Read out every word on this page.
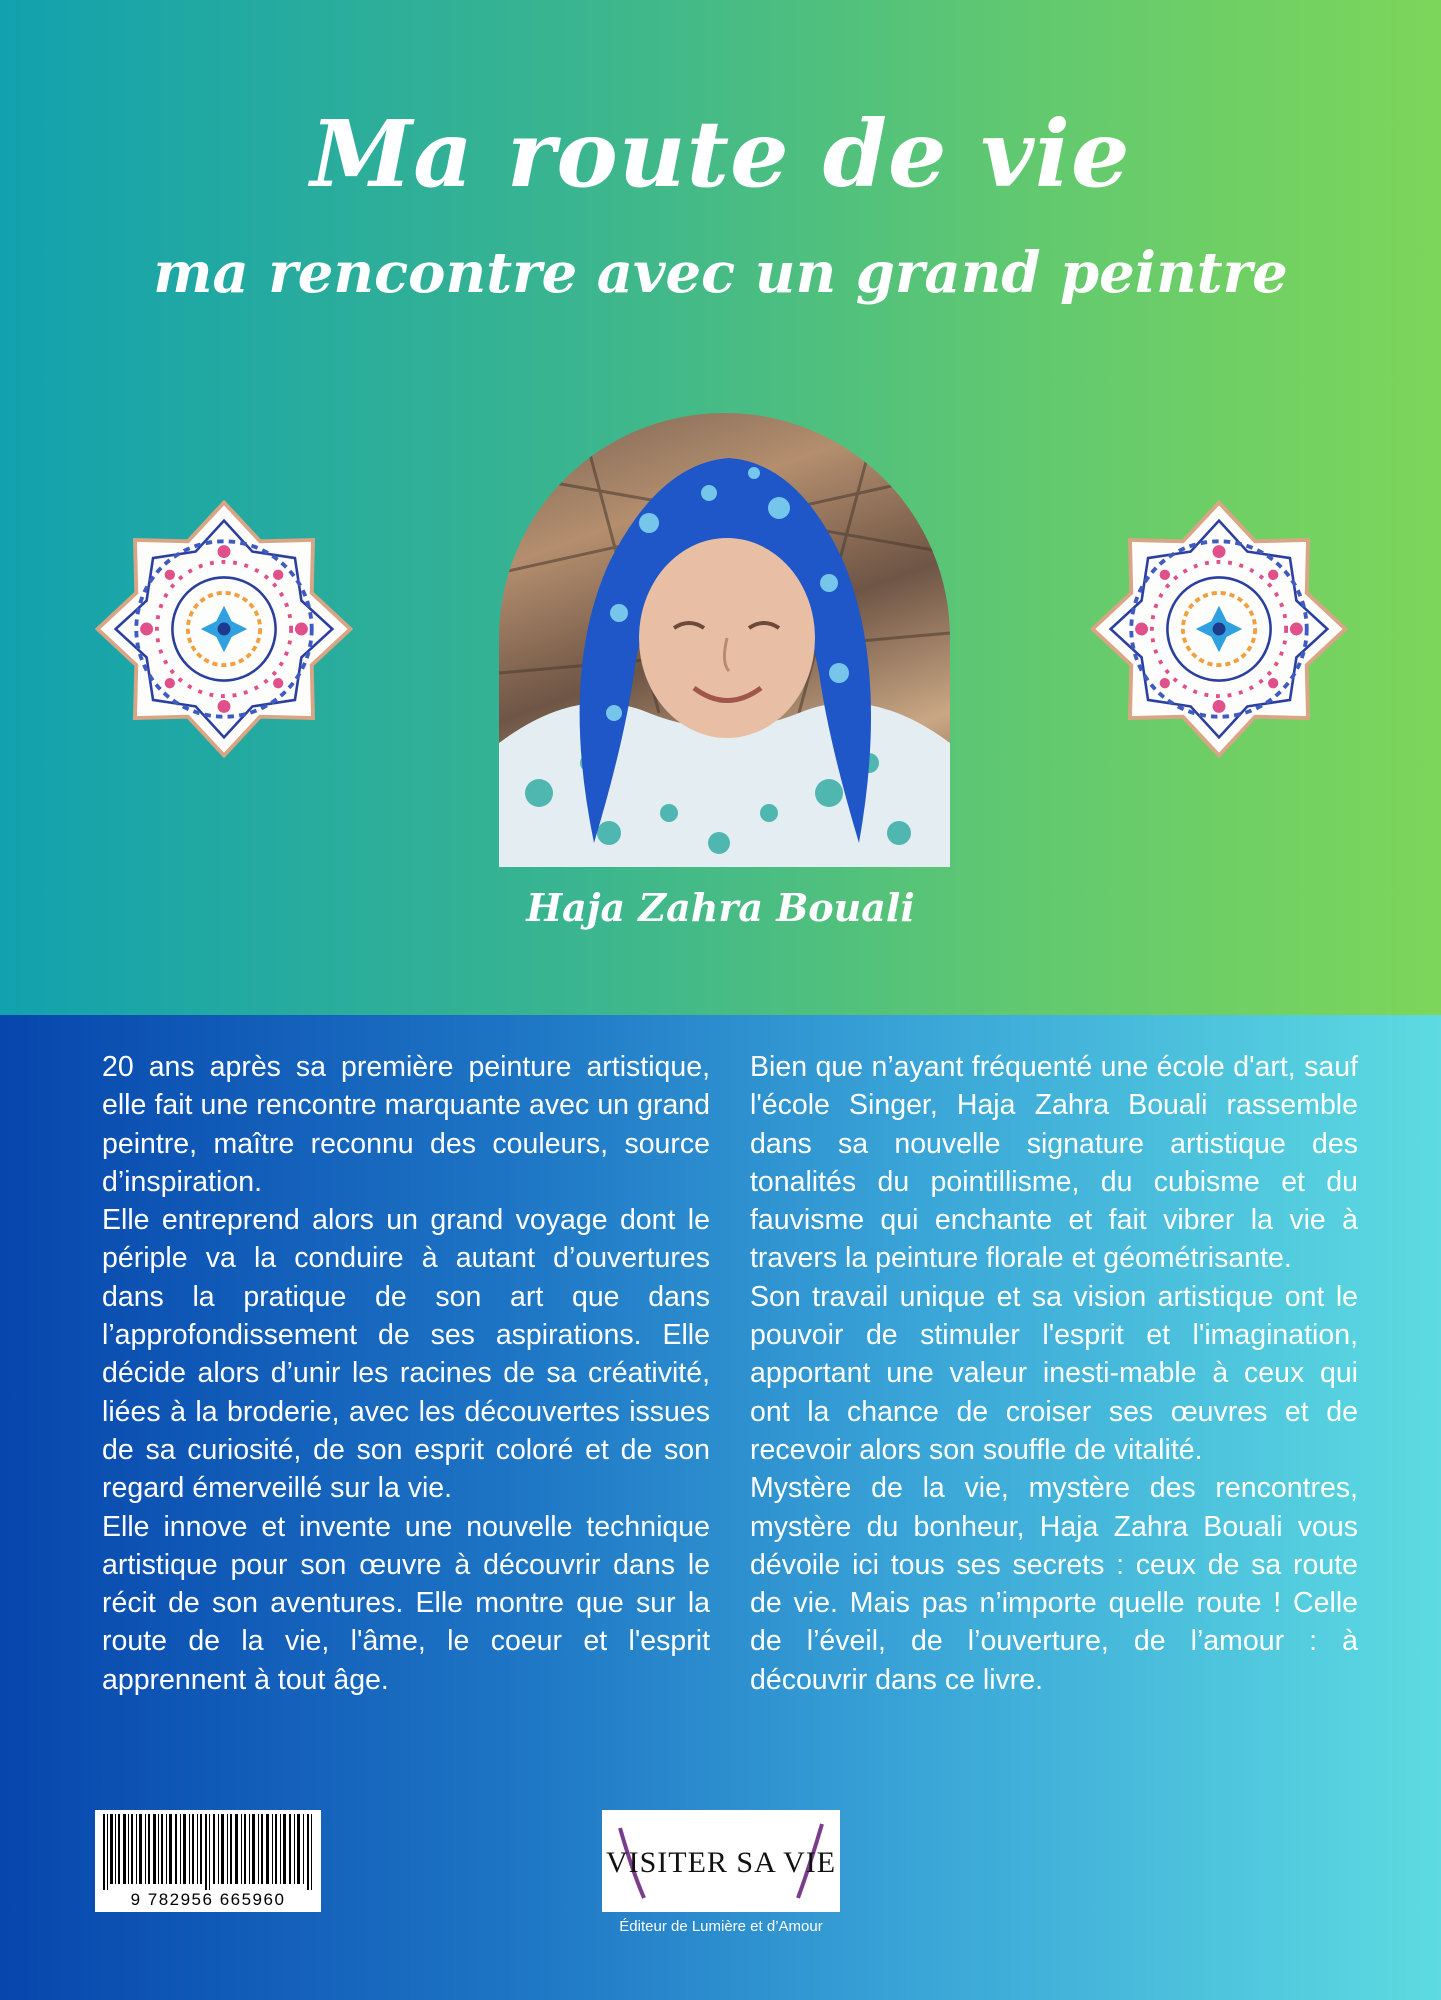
Ma route de vie
ma rencontre avec un grand peintre
Haja Zahra Bouali

20 ans après sa première peinture artistique, elle fait une rencontre marquante avec un grand peintre, maître reconnu des couleurs, source d’inspiration.

Elle entreprend alors un grand voyage dont le périple va la conduire à autant d’ouvertures dans la pratique de son art que dans l’approfondissement de ses aspirations. Elle décide alors d’unir les racines de sa créativité, liées à la broderie, avec les découvertes issues de sa curiosité, de son esprit coloré et de son regard émerveillé sur la vie.

Elle innove et invente une nouvelle technique artistique pour son œuvre à découvrir dans le récit de son aventures. Elle montre que sur la route de la vie, l'âme, le coeur et l'esprit apprennent à tout âge.

Bien que n’ayant fréquenté une école d'art, sauf l'école Singer, Haja Zahra Bouali rassemble dans sa nouvelle signature artistique des tonalités du pointillisme, du cubisme et du fauvisme qui enchante et fait vibrer la vie à travers la peinture florale et géométrisante.

Son travail unique et sa vision artistique ont le pouvoir de stimuler l'esprit et l'imagination, apportant une valeur inesti-mable à ceux qui ont la chance de croiser ses œuvres et de recevoir alors son souffle de vitalité.

Mystère de la vie, mystère des rencontres, mystère du bonheur, Haja Zahra Bouali vous dévoile ici tous ses secrets : ceux de sa route de vie. Mais pas n’importe quelle route ! Celle de l’éveil, de l’ouverture, de l’amour : à découvrir dans ce livre.

9 782956 665960
VISITER SA VIE
Éditeur de Lumière et d’Amour
